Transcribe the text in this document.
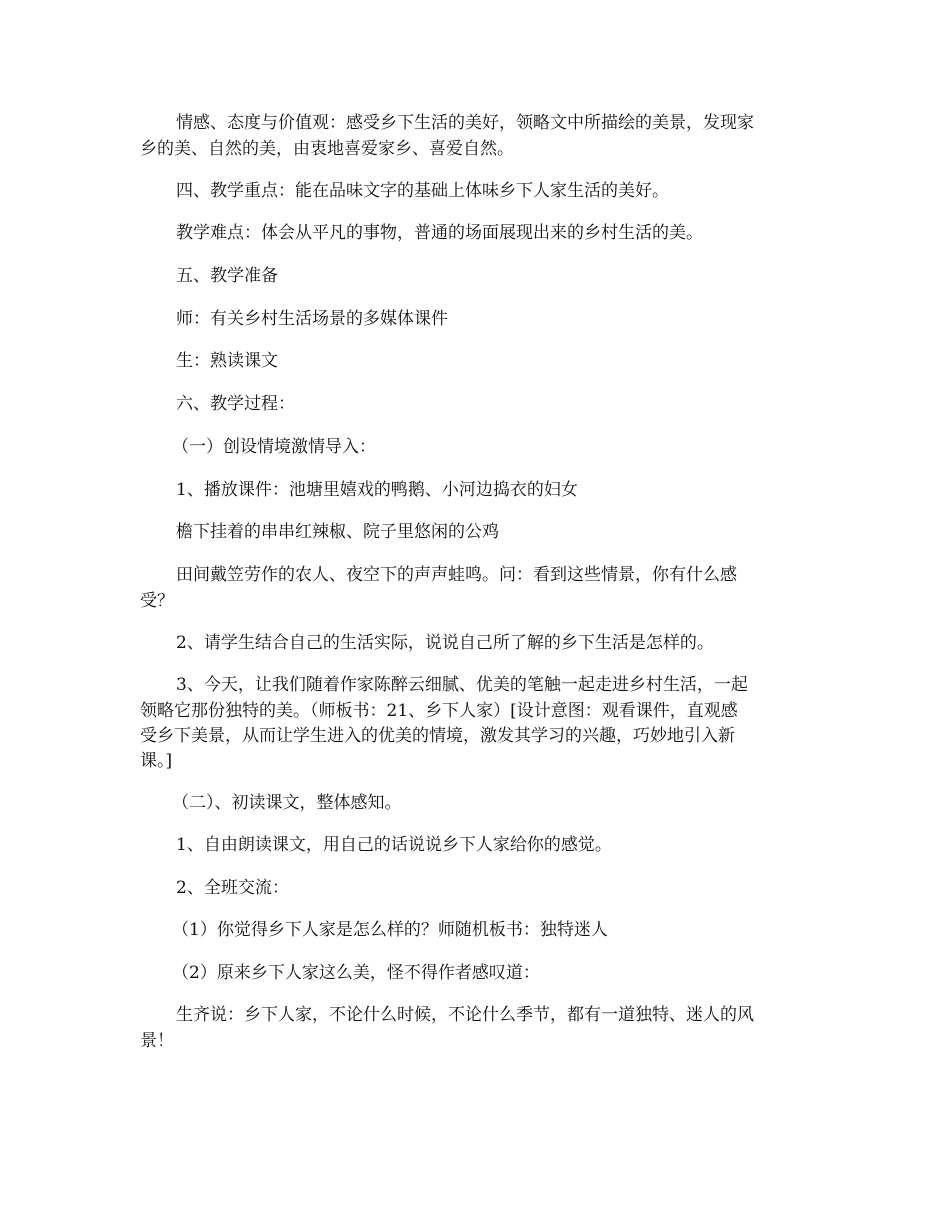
情感、态度与价值观：感受乡下生活的美好，领略文中所描绘的美景，发现家
乡的美、自然的美，由衷地喜爱家乡、喜爱自然。
四、教学重点：能在品味文字的基础上体味乡下人家生活的美好。
教学难点：体会从平凡的事物，普通的场面展现出来的乡村生活的美。
五、教学准备
师：有关乡村生活场景的多媒体课件
生：熟读课文
六、教学过程：
（一）创设情境激情导入：
1、播放课件：池塘里嬉戏的鸭鹅、小河边捣衣的妇女
檐下挂着的串串红辣椒、院子里悠闲的公鸡
田间戴笠劳作的农人、夜空下的声声蛙鸣。问：看到这些情景，你有什么感
受？
2、请学生结合自己的生活实际，说说自己所了解的乡下生活是怎样的。
3、今天，让我们随着作家陈醉云细腻、优美的笔触一起走进乡村生活，一起
领略它那份独特的美。（师板书：21、乡下人家）[设计意图：观看课件，直观感
受乡下美景，从而让学生进入的优美的情境，激发其学习的兴趣，巧妙地引入新
课。]
（二）、初读课文，整体感知。
1、自由朗读课文，用自己的话说说乡下人家给你的感觉。
2、全班交流：
（1）你觉得乡下人家是怎么样的？师随机板书：独特迷人
（2）原来乡下人家这么美，怪不得作者感叹道：
生齐说：乡下人家，不论什么时候，不论什么季节，都有一道独特、迷人的风
景！
